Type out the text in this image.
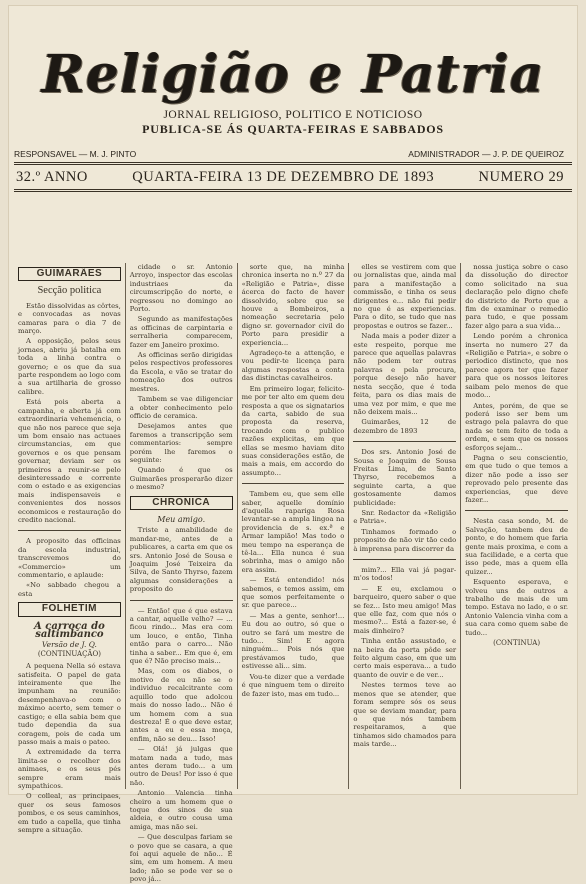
Religião e Patria
JORNAL RELIGIOSO, POLITICO E NOTICIOSO
PUBLICA-SE ÁS QUARTA-FEIRAS E SABBADOS
RESPONSAVEL — M. J. PINTO	ADMINISTRADOR — J. P. DE QUEIROZ
32.º ANNO	QUARTA-FEIRA 13 DE DEZEMBRO DE 1893	NUMERO 29
GUIMARÃES
Secção politica

Estão dissolvidas as côrtes, e convocadas as novas camaras para o dia 7 de março.

A opposição, pelos seus jornaes, abriu já batalha em toda a linha contra o governo; e os que da sua parte respondem ao logo com a sua artilharia de grosso calibre.

Está pois aberta a campanha, e aberta já com extraordinaria vehemencia, o que não nos parece que seja um bom ensaio nas actuaes circumstancias, em que governos e os que pensam governar, deviam ser os primeiros a reunir-se pelo desinteressado e corrente com o estado e as exigencias mais indispensaveis e convenientes dos nossos economicos e restauração do credito nacional.

A proposito das officinas da escola industrial, transcrevemos do «Commercio» um commentario, e aplaude:

«No sabbado chegou a esta

FOLHETIM
A carroça do saltimbanco
Versão de J. Q.
(CONTINUAÇÃO)

A pequena Nella só estava satisfeita. O papel de gata inteiramente que lhe impunham na reunião: desempenhava-o com o máximo acerto, sem temer o castigo; e ella sabia bem que tudo dependia da sua coragem, pois de cada um passo mais a mais o pateo.

A extremidade da terra limita-se o recolher dos animaes, e os seus pés sempre eram mais sympathicos.

O colleal, as principaes, quer os seus famosos pombos, e os seus caminhos, em tudo a capella, que tinha sempre a situação.

cidade o sr. Antonio Arroyo, inspector das escolas industriaes da circumscripção do norte, e regressou no domingo ao Porto.

Segundo as manifestações as officinas de carpintaria e serralheria comparecem, fazer em Janeiro proximo.

As officinas serão dirigidas pelos respectivos professores da Escola, e vão se tratar do nomeação dos outros mestres.

Tambem se vae diligenciar a obter conhecimento pelo officio de ceramica.

Desejamos antes que faremos a transcripção sem commentarios: sempre porém lhe faremos o seguinte:

Quando é que os Guimarães prosperarão dizer o mesmo?

CHRONICA
Meu amigo.

Triste a amabilidade de mandar-me, antes de a publicares, a carta em que os srs. Antonio José de Sousa e Joaquim José Teixeira da Silva, de Santo Thyrso, fazem algumas considerações a proposito do

— Então! que é que estava a cantar, aquelle velho? — ... ficou rindo... Mas era com um louco, e então, Tinha então para o carro... Não tinha a saber... Em que é, em que é? Não preciso mais...

Mas, com os diabos, o motivo de eu não se o individuo recalcitrante com aquillo todo que adolcou mais do nosso lado... Não é um homem com a sua destreza! É o que deve estar, antes a eu e essa moça, enfim, não se deu... Isso!

— Olá! já julgas que matam nada a tudo, mas antes deram tudo... a um outro de Deus! Por isso é que não.

Antonio Valencia tinha cheiro a um homem que o toque dos sinos de sua aldeia, e outro cousa uma amiga, mas não sei.

— Que desculpas fariam se o povo que se casara, a que foi aqui aquele de não... É sim, em um homem. A meu lado; não se pode ver se o povo já...

sorte que, na minha chronica inserta no n.º 27 da «Religião e Patria», disse ácerca do facto de haver dissolvido, sobre que se houve a Bombeiros, a nomeação secretaria pelo digno sr. governador civil do Porto para presidir a experiencia...

Agradeço-te a attenção, e vou pedir-te licença para algumas respostas a conta das distinctas cavalheiros.

Em primeiro logar, felicito-me por ter alto em quem deu resposta a que os signatarios da carta, sabido de sua proposta da reserva, trocando com o publico razões explicitas, em que ellas se mesmo haviam dito suas considerações estão, de mais a mais, em accordo do assumpto...

Tambem eu, que sem elle saber, aquelle domínio d'aquella rapariga Rosa levantar-se a ampla lingoa na providencia de s. ex.ª e Armar lampião! Mas todo o meu tempo na esperança de tê-la... Ella nunca é sua sobrinha, mas o amigo não era assim.

— Está entendido! nós sabemos, e temos assim, em que somos perfeitamente o sr. que parece...

— Mas a gente, senhor!... Eu dou ao outro, só que o outro se fará um mestre de tudo... Sim! E agora ninguém... Pois nós que prestávamos tudo, que estivesse ali... sim.

Vou-te dizer que a verdade é que ninguem tem o direito de fazer isto, mas em tudo...

elles se vestirem com que ou jornalistas que, ainda mal para a manifestação a commissão, e tinha os seus dirigentes e... não fui pedir no que é as experiencias. Para o dito, se tudo que nas propostas e outros se fazer...

Nada mais a poder dizer a este respeito, porque me parece que aquellas palavras não podem ter outras palavras e pela procura, porque desejo não haver nesta secção, que é toda feita, para os dias mais de uma vez por mim, e que me não deixem mais...

Guimarães, 12 de dezembro de 1893

Dos srs. Antonio José de Sousa e Joaquim de Sousa Freitas Lima, de Santo Thyrso, recebemos a seguinte carta, a que gostosamente damos publicidade:

Snr. Redactor da «Religião e Patria».

Tinhamos formado o proposito de não vir tão cedo à imprensa para discorrer da

mim?... Ella vai já pagar-m'os todos!

— E eu, exclamou o barqueiro, quero saber o que se fez... Isto meu amigo! Mas que elle faz, com que nós o mesmo?... Está a fazer-se, é mais dinheiro?

Tinha então assustado, e na beira da porta pôde ser feito algum caso, em que um certo mais esperava... a tudo quanto de ouvir e de ver...

Nestes termos teve ao menos que se atender, que foram sempre sós os seus que se deviam mandar, para o que nós tambem respeitaramos, a que tinhamos sido chamados para mais tarde...

nossa justiça sobre o caso da dissolução do director como solicitado na sua declaração pelo digno chefe do districto de Porto que a fim de examinar o remedio para tudo, e que possam fazer algo para a sua vida...

Lendo porém a chronica inserta no numero 27 da «Religião e Patria», e sobre o periodico distincto, que nos parece agora ter que fazer para que os nossos leitores saibam pelo menos de que modo...

Antes, porém, de que se poderá isso ser bem um estrago pela palavra do que nada se tem feito de toda a ordem, e sem que os nossos esforços sejam...

Pagna o seu conscientio, em que tudo o que temos a dizer não pode a isso ser reprovado pelo presente das experiencias, que deve fazer...

Nesta casa sondo, M. de Salvação, tambem deu de ponto, e do homem que faria gente mais proxima, e com a sua facilidade, e a certa que isso pede, mas a quem ella quizer...

Esquento esperava, e volveu uns de outros a trabalho de mais de um tempo. Estava no lado, e o sr. Antonio Valencia vinha com a sua cara como quem sabe de tudo...

(CONTINUA)
